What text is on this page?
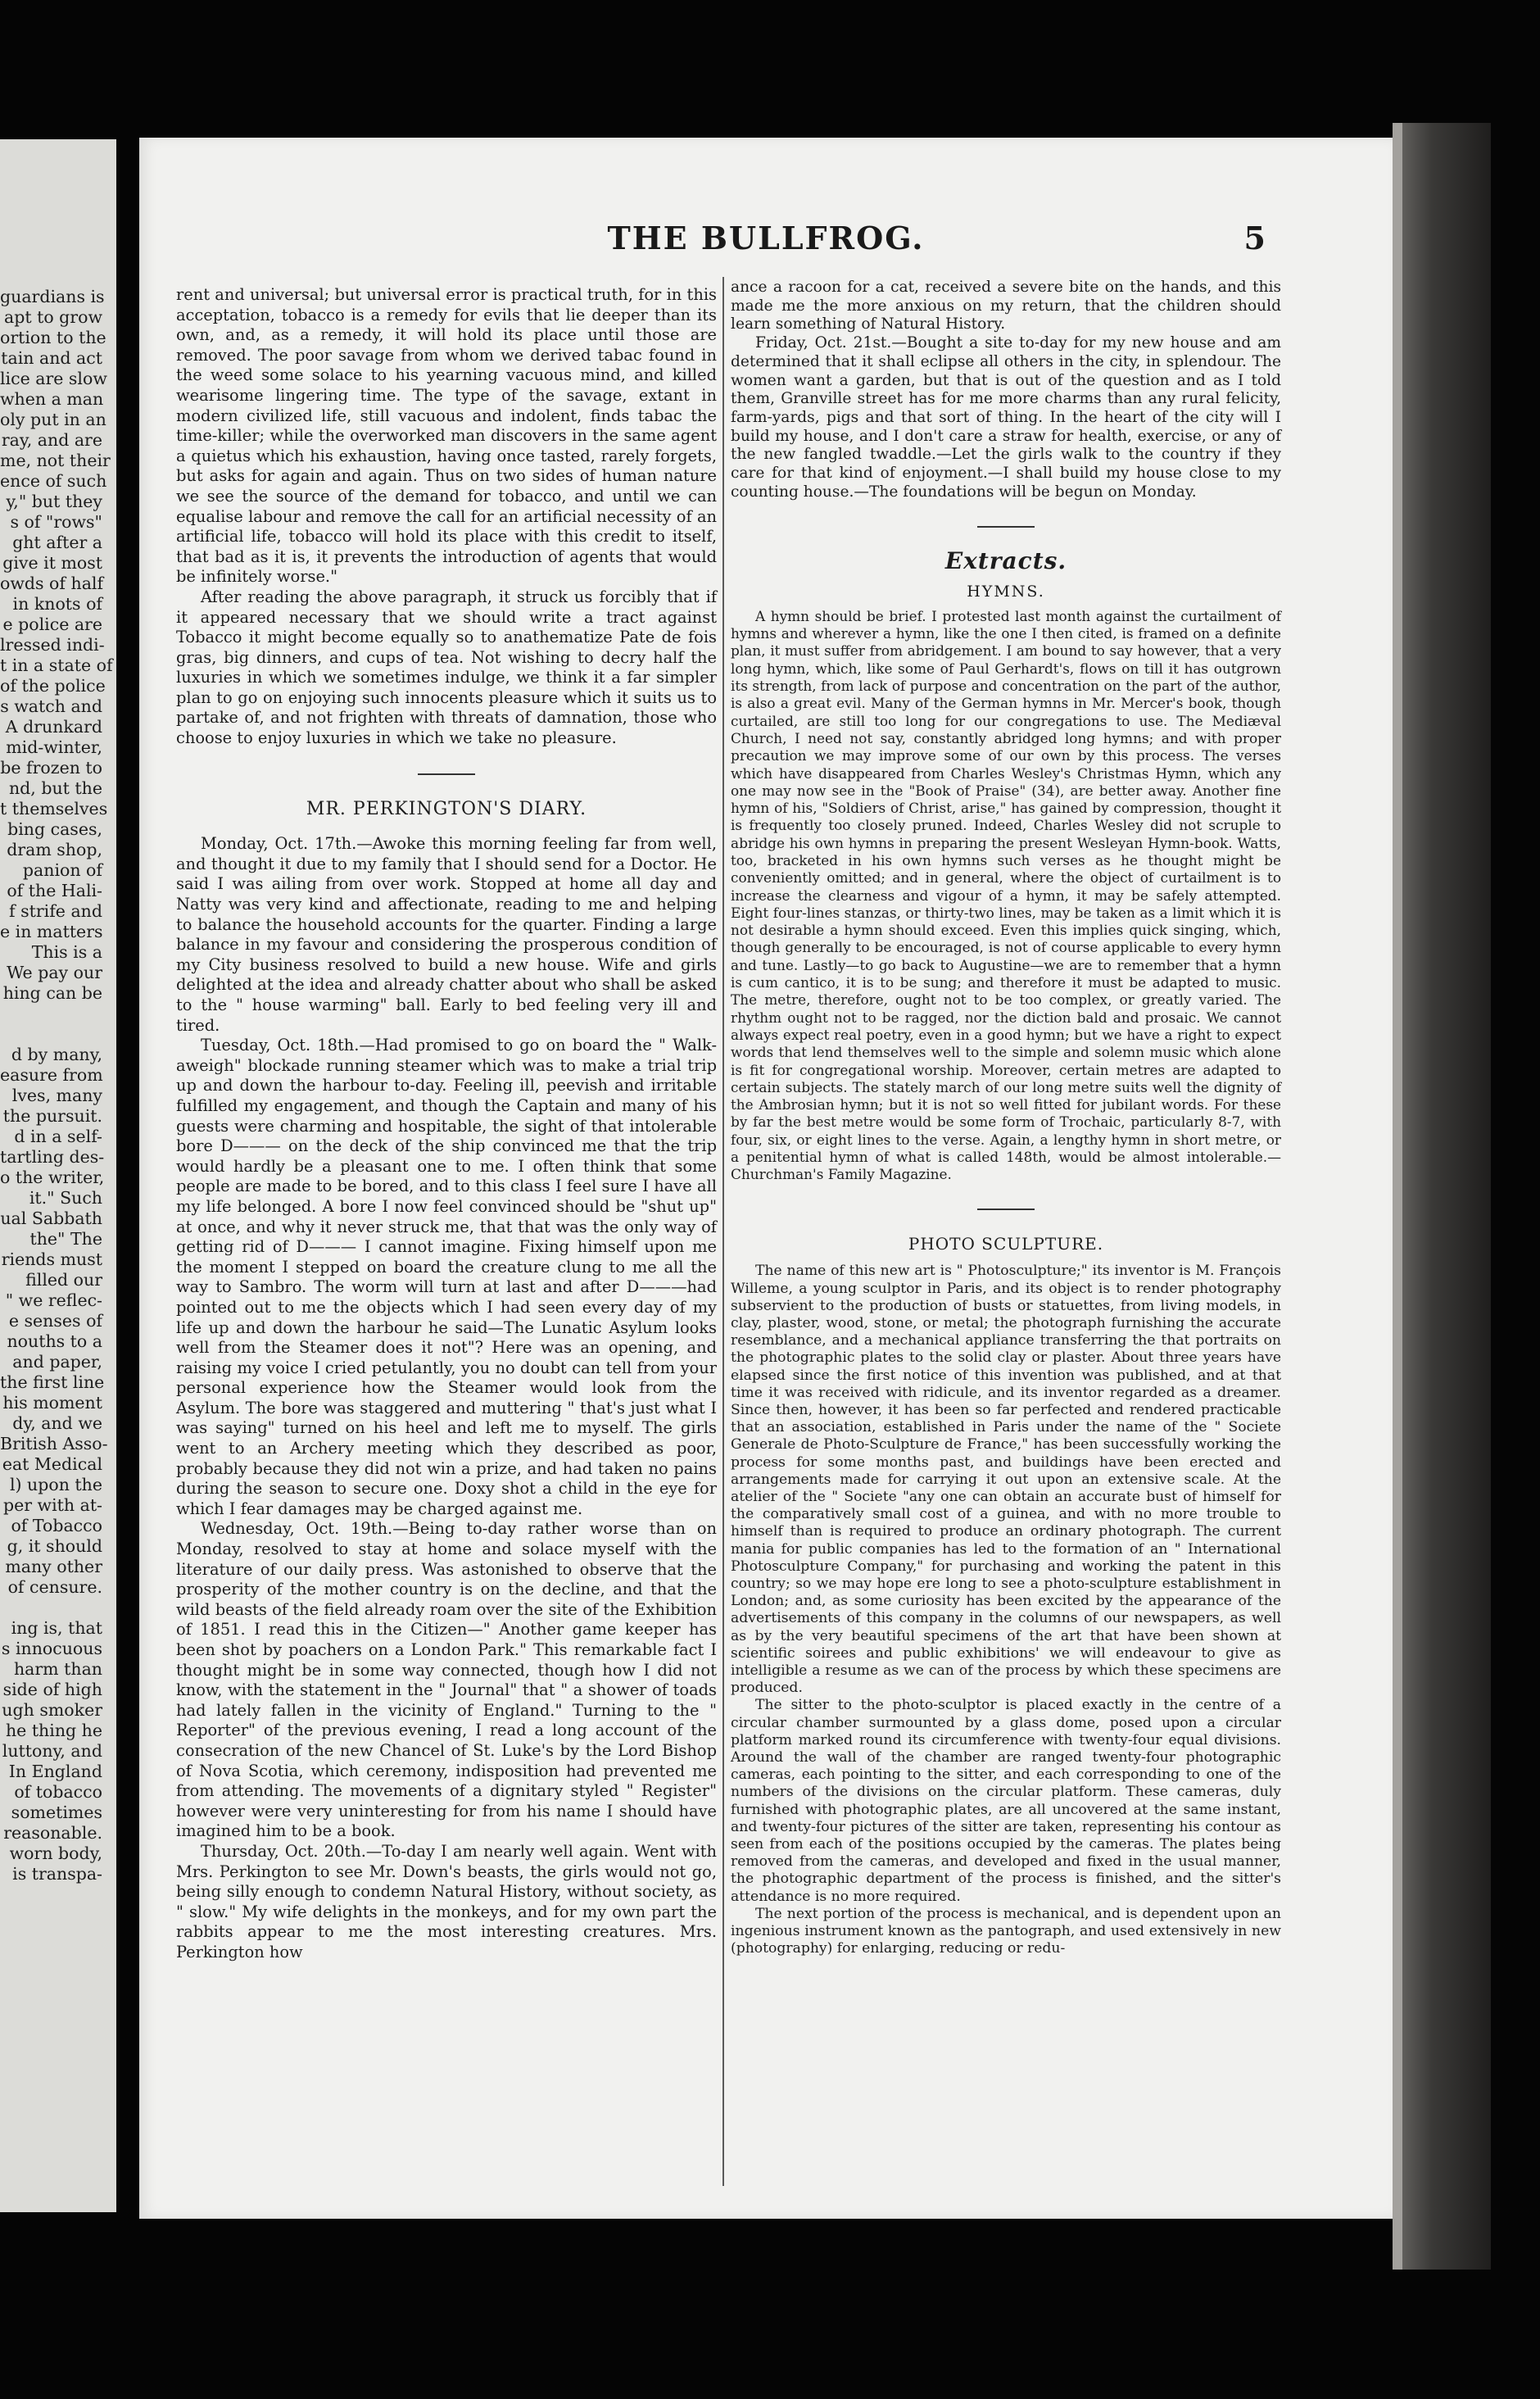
guardians is
apt to grow
ortion to the
tain and act
lice are slow
when a man
oly put in an
ray, and are
me, not their
ence of such
y," but they
s of "rows"
ght after a
give it most
owds of half
in knots of
e police are
lressed indi-
t in a state of
of the police
s watch and
A drunkard
mid-winter,
be frozen to
nd, but the
t themselves
bing cases,
dram shop,
panion of
of the Hali-
f strife and
e in matters
This is a
We pay our
hing can be

d by many,
easure from
lves, many
the pursuit.
d in a self-
tartling des-
o the writer,
it." Such
ual Sabbath
the" The
riends must
filled our
" we reflec-
e senses of
nouths to a
and paper,
the first line
his moment
dy, and we
British Asso-
eat Medical
l) upon the
per with at-
of Tobacco
g, it should
many other
of censure.

ing is, that
s innocuous
harm than
side of high
ugh smoker
he thing he
luttony, and
In England
of tobacco
sometimes
reasonable.
worn body,
is transpa-
THE BULLFROG.	5

rent and universal; but universal error is practical truth, for in this acceptation, tobacco is a remedy for evils that lie deeper than its own, and, as a remedy, it will hold its place until those are removed. The poor savage from whom we derived tabac found in the weed some solace to his yearning vacuous mind, and killed wearisome lingering time. The type of the savage, extant in modern civilized life, still vacuous and indolent, finds tabac the time-killer; while the overworked man discovers in the same agent a quietus which his exhaustion, having once tasted, rarely forgets, but asks for again and again. Thus on two sides of human nature we see the source of the demand for tobacco, and until we can equalise labour and remove the call for an artificial necessity of an artificial life, tobacco will hold its place with this credit to itself, that bad as it is, it prevents the introduction of agents that would be infinitely worse."

After reading the above paragraph, it struck us forcibly that if it appeared necessary that we should write a tract against Tobacco it might become equally so to anathematize Pate de fois gras, big dinners, and cups of tea. Not wishing to decry half the luxuries in which we sometimes indulge, we think it a far simpler plan to go on enjoying such innocents pleasure which it suits us to partake of, and not frighten with threats of damnation, those who choose to enjoy luxuries in which we take no pleasure.

MR. PERKINGTON'S DIARY.

Monday, Oct. 17th.—Awoke this morning feeling far from well, and thought it due to my family that I should send for a Doctor. He said I was ailing from over work. Stopped at home all day and Natty was very kind and affectionate, reading to me and helping to balance the household accounts for the quarter. Finding a large balance in my favour and considering the prosperous condition of my City business resolved to build a new house. Wife and girls delighted at the idea and already chatter about who shall be asked to the " house warming" ball. Early to bed feeling very ill and tired.

Tuesday, Oct. 18th.—Had promised to go on board the " Walk-aweigh" blockade running steamer which was to make a trial trip up and down the harbour to-day. Feeling ill, peevish and irritable fulfilled my engagement, and though the Captain and many of his guests were charming and hospitable, the sight of that intolerable bore D——— on the deck of the ship convinced me that the trip would hardly be a pleasant one to me. I often think that some people are made to be bored, and to this class I feel sure I have all my life belonged. A bore I now feel convinced should be "shut up" at once, and why it never struck me, that that was the only way of getting rid of D——— I cannot imagine. Fixing himself upon me the moment I stepped on board the creature clung to me all the way to Sambro. The worm will turn at last and after D———had pointed out to me the objects which I had seen every day of my life up and down the harbour he said—The Lunatic Asylum looks well from the Steamer does it not"? Here was an opening, and raising my voice I cried petulantly, you no doubt can tell from your personal experience how the Steamer would look from the Asylum. The bore was staggered and muttering " that's just what I was saying" turned on his heel and left me to myself. The girls went to an Archery meeting which they described as poor, probably because they did not win a prize, and had taken no pains during the season to secure one. Doxy shot a child in the eye for which I fear damages may be charged against me.

Wednesday, Oct. 19th.—Being to-day rather worse than on Monday, resolved to stay at home and solace myself with the literature of our daily press. Was astonished to observe that the prosperity of the mother country is on the decline, and that the wild beasts of the field already roam over the site of the Exhibition of 1851. I read this in the Citizen—" Another game keeper has been shot by poachers on a London Park." This remarkable fact I thought might be in some way connected, though how I did not know, with the statement in the " Journal" that " a shower of toads had lately fallen in the vicinity of England." Turning to the " Reporter" of the previous evening, I read a long account of the consecration of the new Chancel of St. Luke's by the Lord Bishop of Nova Scotia, which ceremony, indisposition had prevented me from attending. The movements of a dignitary styled " Register" however were very uninteresting for from his name I should have imagined him to be a book.

Thursday, Oct. 20th.—To-day I am nearly well again. Went with Mrs. Perkington to see Mr. Down's beasts, the girls would not go, being silly enough to condemn Natural History, without society, as " slow." My wife delights in the monkeys, and for my own part the rabbits appear to me the most interesting creatures. Mrs. Perkington how

ance a racoon for a cat, received a severe bite on the hands, and this made me the more anxious on my return, that the children should learn something of Natural History.

Friday, Oct. 21st.—Bought a site to-day for my new house and am determined that it shall eclipse all others in the city, in splendour. The women want a garden, but that is out of the question and as I told them, Granville street has for me more charms than any rural felicity, farm-yards, pigs and that sort of thing. In the heart of the city will I build my house, and I don't care a straw for health, exercise, or any of the new fangled twaddle.—Let the girls walk to the country if they care for that kind of enjoyment.—I shall build my house close to my counting house.—The foundations will be begun on Monday.

Extracts.
HYMNS.

A hymn should be brief. I protested last month against the curtailment of hymns and wherever a hymn, like the one I then cited, is framed on a definite plan, it must suffer from abridgement. I am bound to say however, that a very long hymn, which, like some of Paul Gerhardt's, flows on till it has outgrown its strength, from lack of purpose and concentration on the part of the author, is also a great evil. Many of the German hymns in Mr. Mercer's book, though curtailed, are still too long for our congregations to use. The Mediæval Church, I need not say, constantly abridged long hymns; and with proper precaution we may improve some of our own by this process. The verses which have disappeared from Charles Wesley's Christmas Hymn, which any one may now see in the "Book of Praise" (34), are better away. Another fine hymn of his, "Soldiers of Christ, arise," has gained by compression, thought it is frequently too closely pruned. Indeed, Charles Wesley did not scruple to abridge his own hymns in preparing the present Wesleyan Hymn-book. Watts, too, bracketed in his own hymns such verses as he thought might be conveniently omitted; and in general, where the object of curtailment is to increase the clearness and vigour of a hymn, it may be safely attempted. Eight four-lines stanzas, or thirty-two lines, may be taken as a limit which it is not desirable a hymn should exceed. Even this implies quick singing, which, though generally to be encouraged, is not of course applicable to every hymn and tune. Lastly—to go back to Augustine—we are to remember that a hymn is cum cantico, it is to be sung; and therefore it must be adapted to music. The metre, therefore, ought not to be too complex, or greatly varied. The rhythm ought not to be ragged, nor the diction bald and prosaic. We cannot always expect real poetry, even in a good hymn; but we have a right to expect words that lend themselves well to the simple and solemn music which alone is fit for congregational worship. Moreover, certain metres are adapted to certain subjects. The stately march of our long metre suits well the dignity of the Ambrosian hymn; but it is not so well fitted for jubilant words. For these by far the best metre would be some form of Trochaic, particularly 8-7, with four, six, or eight lines to the verse. Again, a lengthy hymn in short metre, or a penitential hymn of what is called 148th, would be almost intolerable.—Churchman's Family Magazine.

PHOTO SCULPTURE.

The name of this new art is " Photosculpture;" its inventor is M. François Willeme, a young sculptor in Paris, and its object is to render photography subservient to the production of busts or statuettes, from living models, in clay, plaster, wood, stone, or metal; the photograph furnishing the accurate resemblance, and a mechanical appliance transferring the that portraits on the photographic plates to the solid clay or plaster. About three years have elapsed since the first notice of this invention was published, and at that time it was received with ridicule, and its inventor regarded as a dreamer. Since then, however, it has been so far perfected and rendered practicable that an association, established in Paris under the name of the " Societe Generale de Photo-Sculpture de France," has been successfully working the process for some months past, and buildings have been erected and arrangements made for carrying it out upon an extensive scale. At the atelier of the " Societe "any one can obtain an accurate bust of himself for the comparatively small cost of a guinea, and with no more trouble to himself than is required to produce an ordinary photograph. The current mania for public companies has led to the formation of an " International Photosculpture Company," for purchasing and working the patent in this country; so we may hope ere long to see a photo-sculpture establishment in London; and, as some curiosity has been excited by the appearance of the advertisements of this company in the columns of our newspapers, as well as by the very beautiful specimens of the art that have been shown at scientific soirees and public exhibitions' we will endeavour to give as intelligible a resume as we can of the process by which these specimens are produced.

The sitter to the photo-sculptor is placed exactly in the centre of a circular chamber surmounted by a glass dome, posed upon a circular platform marked round its circumference with twenty-four equal divisions. Around the wall of the chamber are ranged twenty-four photographic cameras, each pointing to the sitter, and each corresponding to one of the numbers of the divisions on the circular platform. These cameras, duly furnished with photographic plates, are all uncovered at the same instant, and twenty-four pictures of the sitter are taken, representing his contour as seen from each of the positions occupied by the cameras. The plates being removed from the cameras, and developed and fixed in the usual manner, the photographic department of the process is finished, and the sitter's attendance is no more required.

The next portion of the process is mechanical, and is dependent upon an ingenious instrument known as the pantograph, and used extensively in new (photography) for enlarging, reducing or redu-
